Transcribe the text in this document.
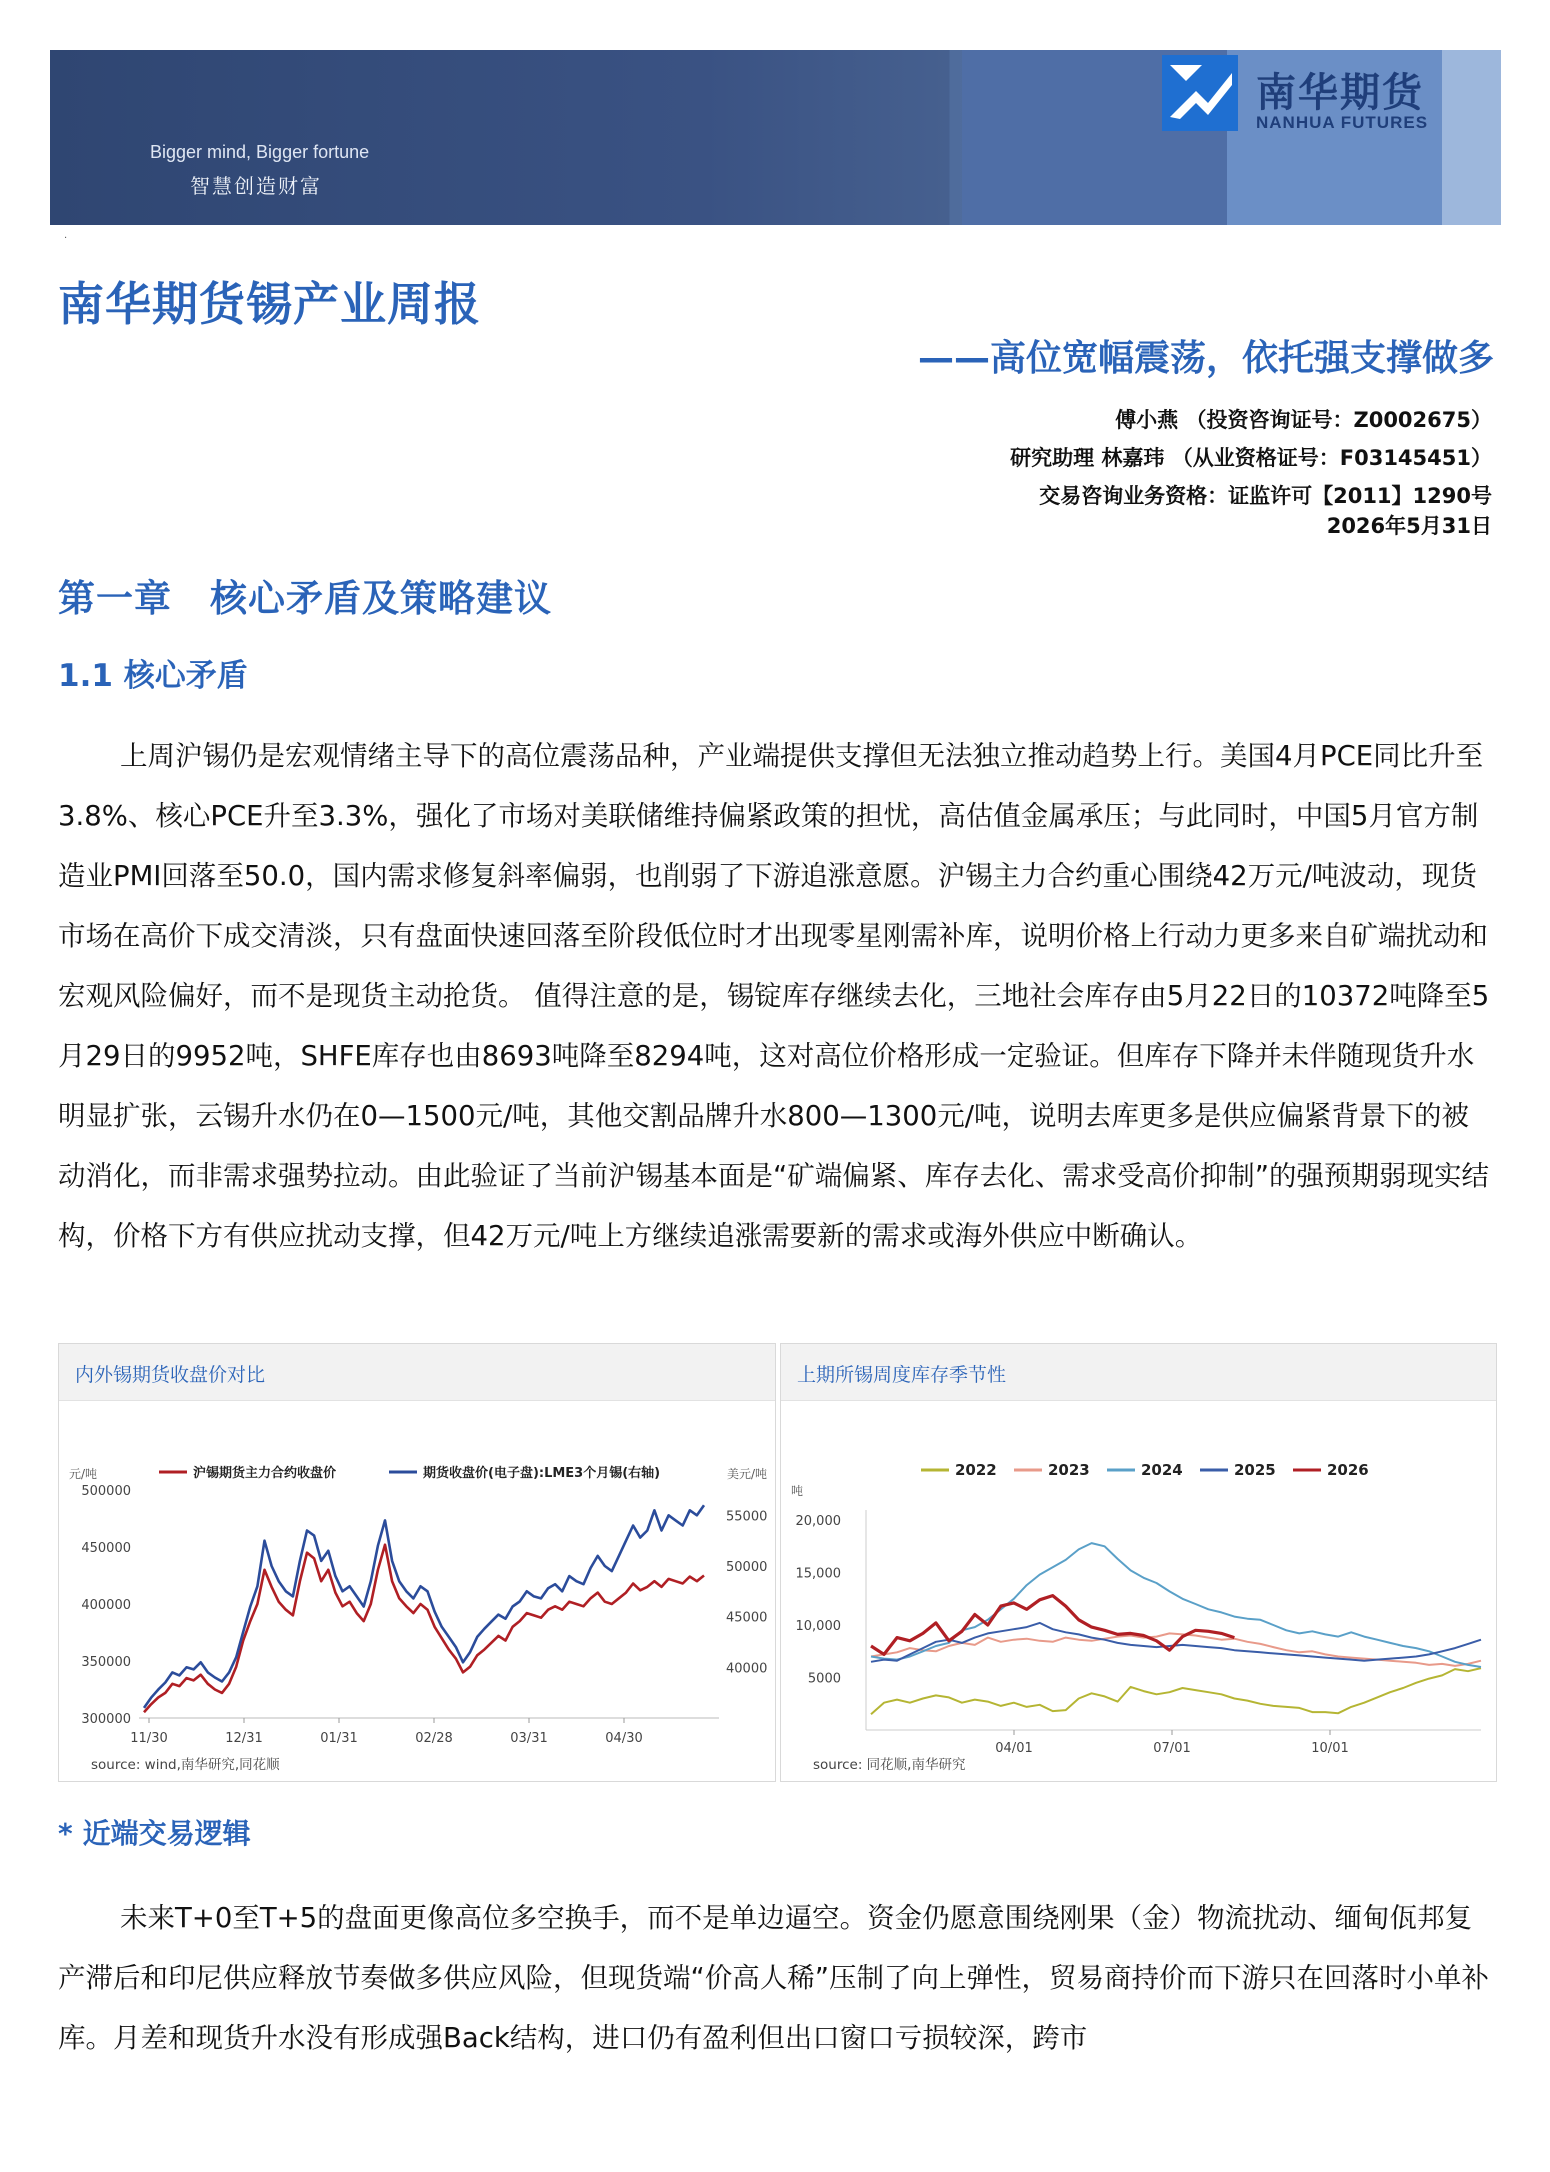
Bigger mind, Bigger fortune
智慧创造财富
南华期货
NANHUA FUTURES
·
南华期货锡产业周报
——高位宽幅震荡，依托强支撑做多
傅小燕 （投资咨询证号：Z0002675）
研究助理 林嘉玮 （从业资格证号：F03145451）
交易咨询业务资格：证监许可【2011】1290号
2026年5月31日
第一章　核心矛盾及策略建议
1.1 核心矛盾
上周沪锡仍是宏观情绪主导下的高位震荡品种，产业端提供支撑但无法独立推动趋势上行。美国4月PCE同比升至3.8%、核心PCE升至3.3%，强化了市场对美联储维持偏紧政策的担忧，高估值金属承压；与此同时，中国5月官方制造业PMI回落至50.0，国内需求修复斜率偏弱，也削弱了下游追涨意愿。沪锡主力合约重心围绕42万元/吨波动，现货市场在高价下成交清淡，只有盘面快速回落至阶段低位时才出现零星刚需补库，说明价格上行动力更多来自矿端扰动和宏观风险偏好，而不是现货主动抢货。 值得注意的是，锡锭库存继续去化，三地社会库存由5月22日的10372吨降至5月29日的9952吨，SHFE库存也由8693吨降至8294吨，这对高位价格形成一定验证。但库存下降并未伴随现货升水明显扩张，云锡升水仍在0—1500元/吨，其他交割品牌升水800—1300元/吨，说明去库更多是供应偏紧背景下的被动消化，而非需求强势拉动。由此验证了当前沪锡基本面是“矿端偏紧、库存去化、需求受高价抑制”的强预期弱现实结构，价格下方有供应扰动支撑，但42万元/吨上方继续追涨需要新的需求或海外供应中断确认。
内外锡期货收盘价对比
元/吨	美元/吨
500000
450000
400000
350000
300000
55000
50000
45000
40000
11/30	12/31	01/31	02/28	03/31	04/30
沪锡期货主力合约收盘价	期货收盘价(电子盘):LME3个月锡(右轴)
source: wind,南华研究,同花顺
上期所锡周度库存季节性
吨
20,000
15,000
10,000
5000
04/01	07/01	10/01
2022	2023	2024	2025	2026
source: 同花顺,南华研究
* 近端交易逻辑
未来T+0至T+5的盘面更像高位多空换手，而不是单边逼空。资金仍愿意围绕刚果（金）物流扰动、缅甸佤邦复产滞后和印尼供应释放节奏做多供应风险，但现货端“价高人稀”压制了向上弹性，贸易商持价而下游只在回落时小单补库。月差和现货升水没有形成强Back结构，进口仍有盈利但出口窗口亏损较深，跨市
